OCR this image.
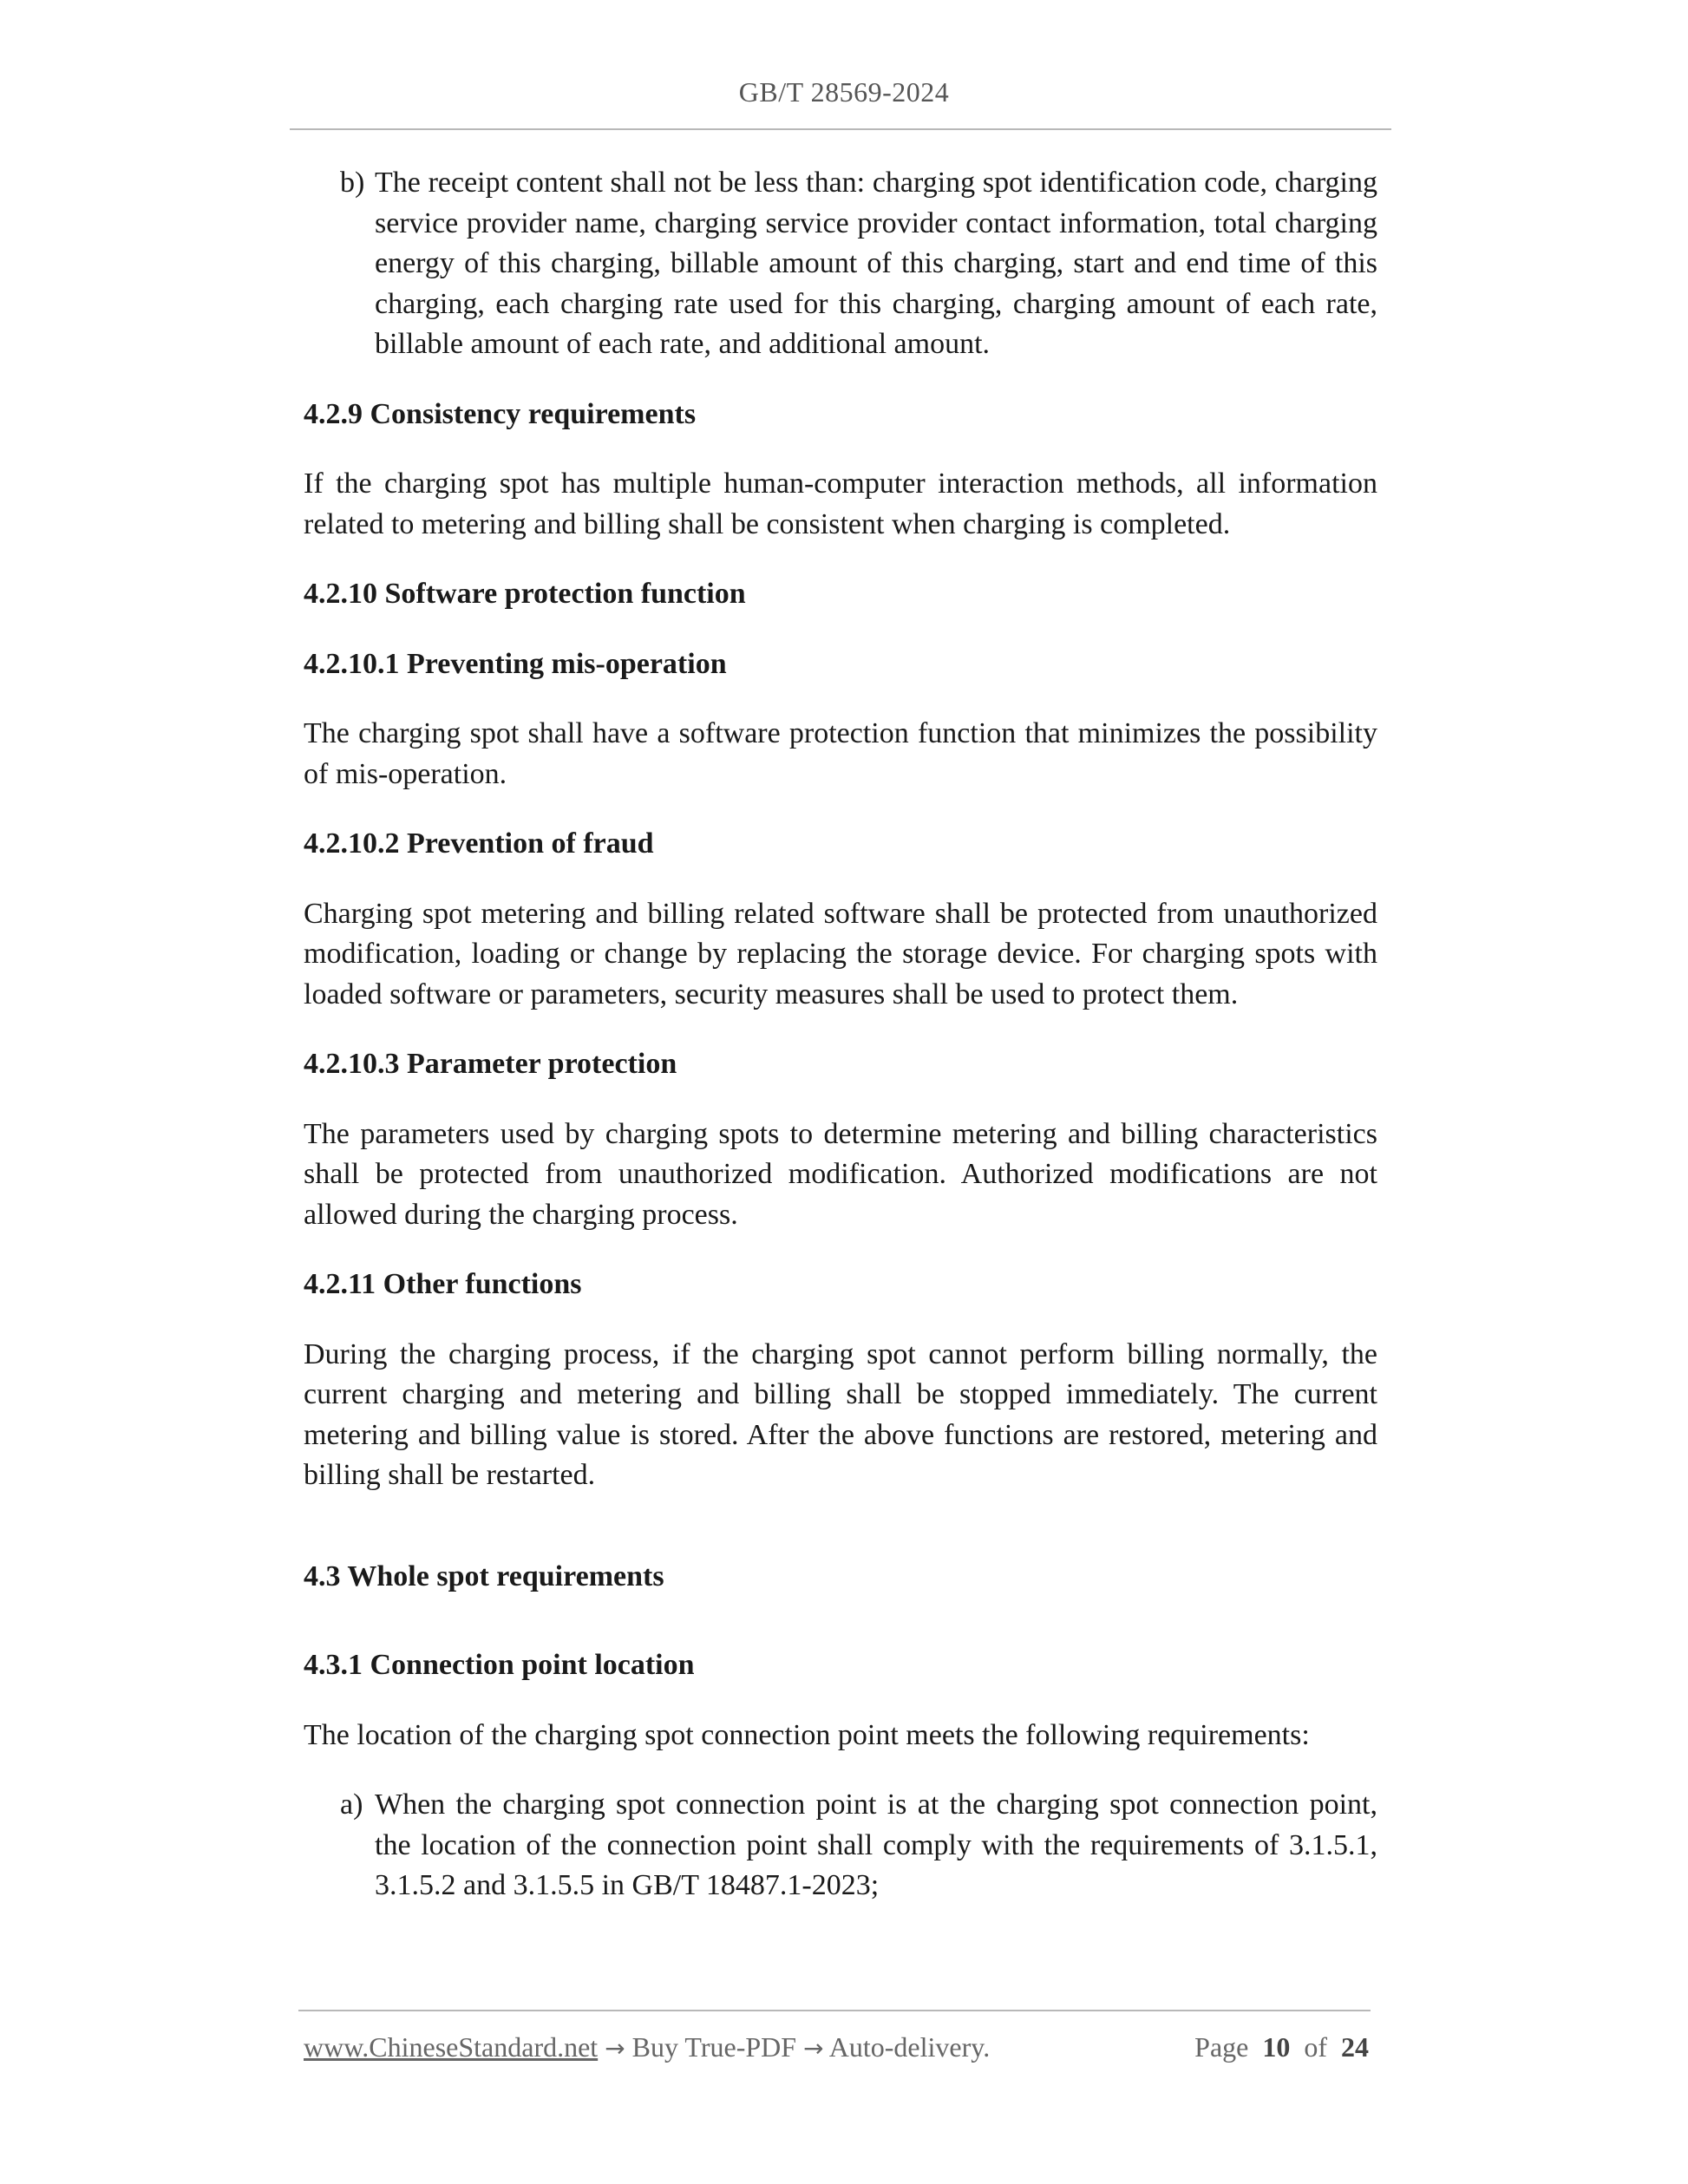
GB/T 28569-2024
b) The receipt content shall not be less than: charging spot identification code, charging service provider name, charging service provider contact information, total charging energy of this charging, billable amount of this charging, start and end time of this charging, each charging rate used for this charging, charging amount of each rate, billable amount of each rate, and additional amount.
4.2.9 Consistency requirements
If the charging spot has multiple human-computer interaction methods, all information related to metering and billing shall be consistent when charging is completed.
4.2.10 Software protection function
4.2.10.1 Preventing mis-operation
The charging spot shall have a software protection function that minimizes the possibility of mis-operation.
4.2.10.2 Prevention of fraud
Charging spot metering and billing related software shall be protected from unauthorized modification, loading or change by replacing the storage device. For charging spots with loaded software or parameters, security measures shall be used to protect them.
4.2.10.3 Parameter protection
The parameters used by charging spots to determine metering and billing characteristics shall be protected from unauthorized modification. Authorized modifications are not allowed during the charging process.
4.2.11 Other functions
During the charging process, if the charging spot cannot perform billing normally, the current charging and metering and billing shall be stopped immediately. The current metering and billing value is stored. After the above functions are restored, metering and billing shall be restarted.
4.3 Whole spot requirements
4.3.1 Connection point location
The location of the charging spot connection point meets the following requirements:
a) When the charging spot connection point is at the charging spot connection point, the location of the connection point shall comply with the requirements of 3.1.5.1, 3.1.5.2 and 3.1.5.5 in GB/T 18487.1-2023;
www.ChineseStandard.net → Buy True-PDF → Auto-delivery.	Page 10 of 24
